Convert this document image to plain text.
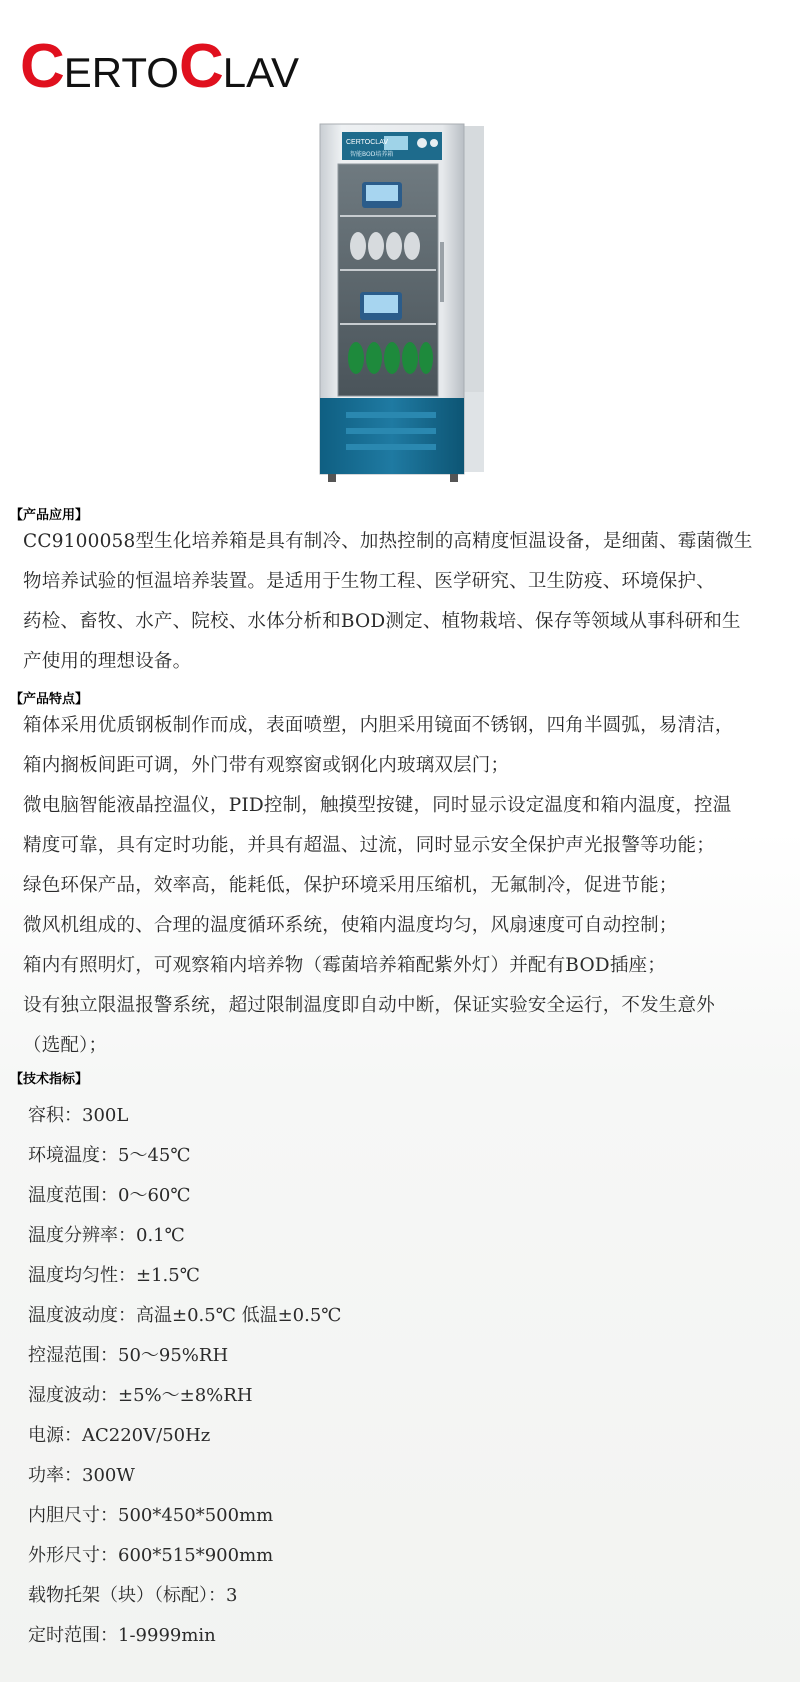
C ERTO C LAV
CERTOCLAV
智能BOD培养箱
【产品应用】
CC9100058型生化培养箱是具有制冷、加热控制的高精度恒温设备，是细菌、霉菌微生
物培养试验的恒温培养装置。是适用于生物工程、医学研究、卫生防疫、环境保护、
药检、畜牧、水产、院校、水体分析和BOD测定、植物栽培、保存等领域从事科研和生
产使用的理想设备。
【产品特点】
箱体采用优质钢板制作而成，表面喷塑，内胆采用镜面不锈钢，四角半圆弧，易清洁，
箱内搁板间距可调，外门带有观察窗或钢化内玻璃双层门；
微电脑智能液晶控温仪，PID控制，触摸型按键，同时显示设定温度和箱内温度，控温
精度可靠，具有定时功能，并具有超温、过流，同时显示安全保护声光报警等功能；
绿色环保产品，效率高，能耗低，保护环境采用压缩机，无氟制冷，促进节能；
微风机组成的、合理的温度循环系统，使箱内温度均匀，风扇速度可自动控制；
箱内有照明灯，可观察箱内培养物（霉菌培养箱配紫外灯）并配有BOD插座；
设有独立限温报警系统，超过限制温度即自动中断，保证实验安全运行，不发生意外
（选配）；
【技术指标】
容积：300L
环境温度：5～45℃
温度范围：0～60℃
温度分辨率：0.1℃
温度均匀性：±1.5℃
温度波动度：高温±0.5℃ 低温±0.5℃
控湿范围：50～95%RH
湿度波动：±5%～±8%RH
电源：AC220V/50Hz
功率：300W
内胆尺寸：500*450*500mm
外形尺寸：600*515*900mm
载物托架（块）（标配）：3
定时范围：1-9999min
